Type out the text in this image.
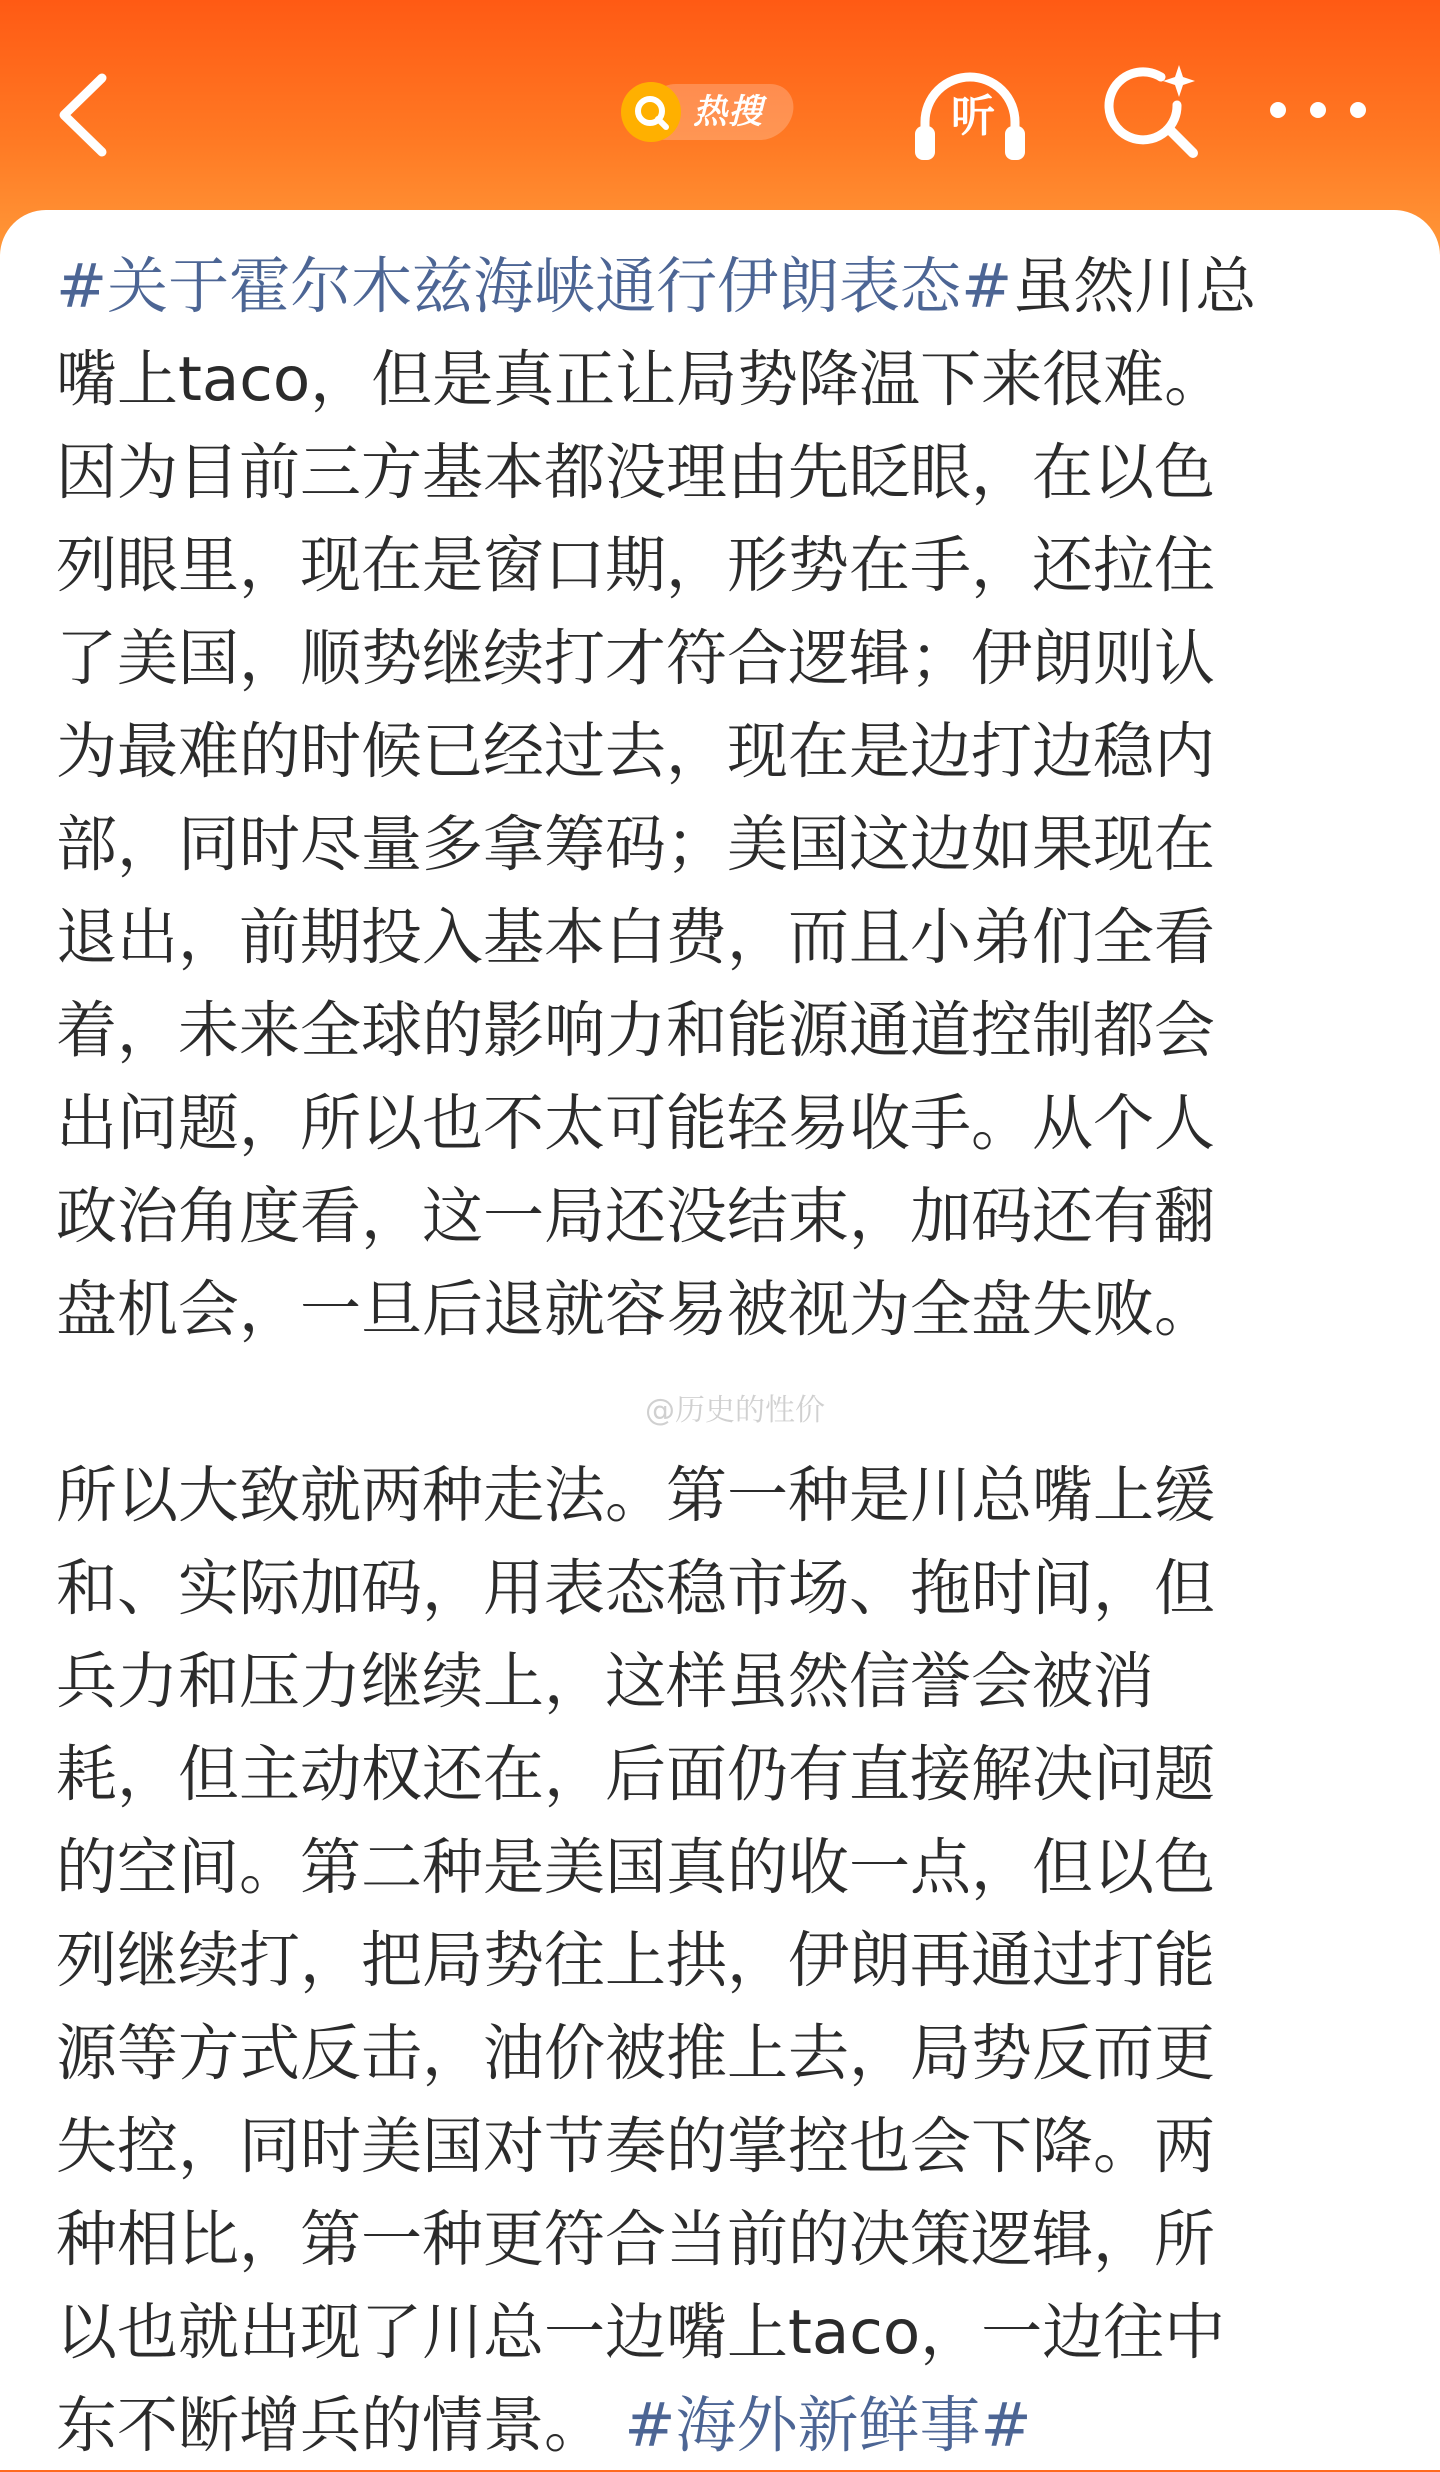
热搜	听

#关于霍尔木兹海峡通行伊朗表态#虽然川总
嘴上taco，但是真正让局势降温下来很难。
因为目前三方基本都没理由先眨眼，在以色
列眼里，现在是窗口期，形势在手，还拉住
了美国，顺势继续打才符合逻辑；伊朗则认
为最难的时候已经过去，现在是边打边稳内
部，同时尽量多拿筹码；美国这边如果现在
退出，前期投入基本白费，而且小弟们全看
着，未来全球的影响力和能源通道控制都会
出问题，所以也不太可能轻易收手。从个人
政治角度看，这一局还没结束，加码还有翻
盘机会，一旦后退就容易被视为全盘失败。

所以大致就两种走法。第一种是川总嘴上缓
和、实际加码，用表态稳市场、拖时间，但
兵力和压力继续上，这样虽然信誉会被消
耗，但主动权还在，后面仍有直接解决问题
的空间。第二种是美国真的收一点，但以色
列继续打，把局势往上拱，伊朗再通过打能
源等方式反击，油价被推上去，局势反而更
失控，同时美国对节奏的掌控也会下降。两
种相比，第一种更符合当前的决策逻辑，所
以也就出现了川总一边嘴上taco，一边往中
东不断增兵的情景。 #海外新鲜事#

@历史的性价
